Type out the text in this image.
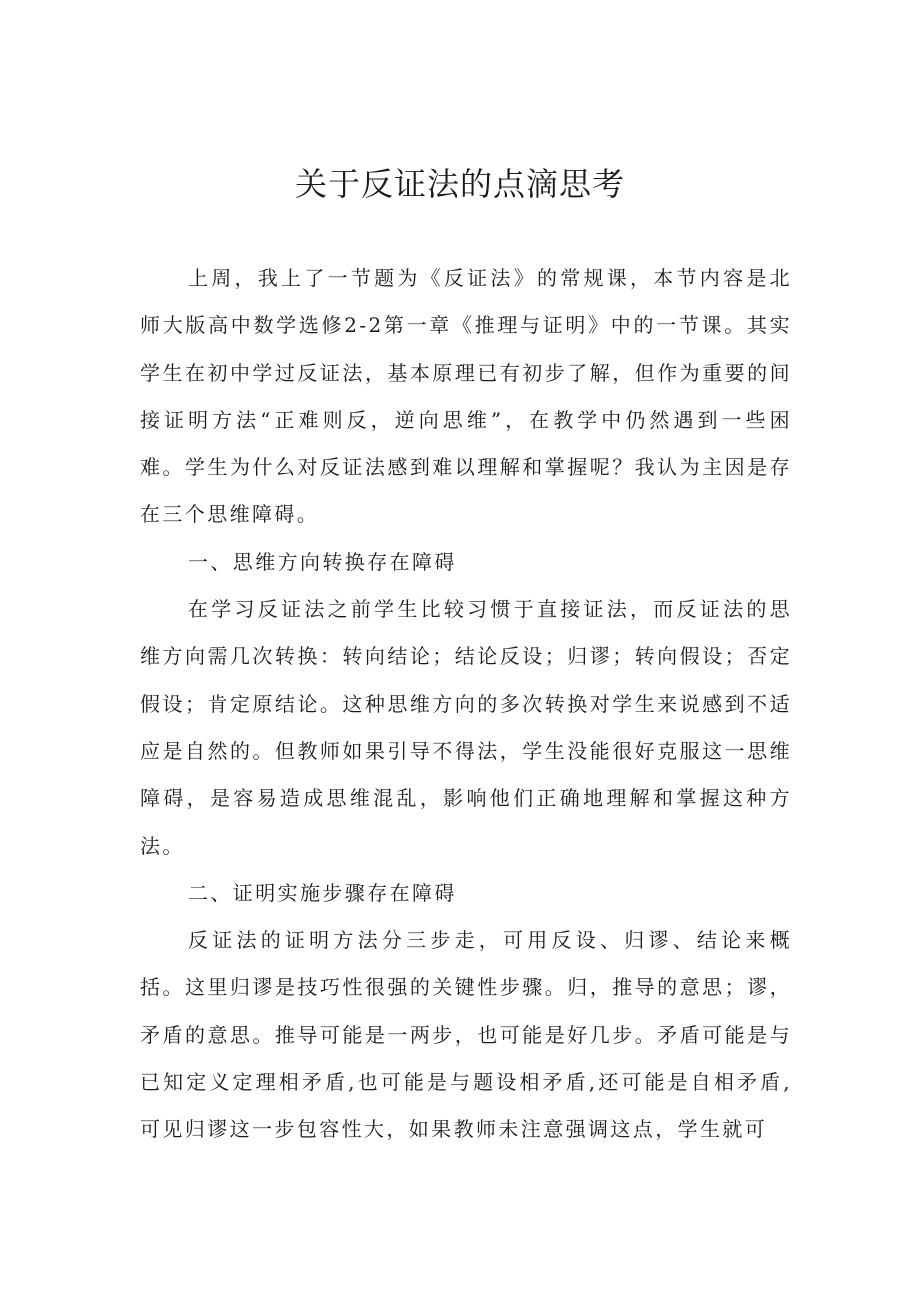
关于反证法的点滴思考

上周，我上了一节题为《反证法》的常规课，本节内容是北师大版高中数学选修2-2第一章《推理与证明》中的一节课。其实学生在初中学过反证法，基本原理已有初步了解，但作为重要的间接证明方法“正难则反，逆向思维”，在教学中仍然遇到一些困难。学生为什么对反证法感到难以理解和掌握呢？我认为主因是存在三个思维障碍。

一、思维方向转换存在障碍

在学习反证法之前学生比较习惯于直接证法，而反证法的思维方向需几次转换：转向结论；结论反设；归谬；转向假设；否定假设；肯定原结论。这种思维方向的多次转换对学生来说感到不适应是自然的。但教师如果引导不得法，学生没能很好克服这一思维障碍，是容易造成思维混乱，影响他们正确地理解和掌握这种方法。

二、证明实施步骤存在障碍

反证法的证明方法分三步走，可用反设、归谬、结论来概括。这里归谬是技巧性很强的关键性步骤。归，推导的意思；谬，矛盾的意思。推导可能是一两步，也可能是好几步。矛盾可能是与已知定义定理相矛盾,也可能是与题设相矛盾,还可能是自相矛盾,可见归谬这一步包容性大，如果教师未注意强调这点，学生就可
